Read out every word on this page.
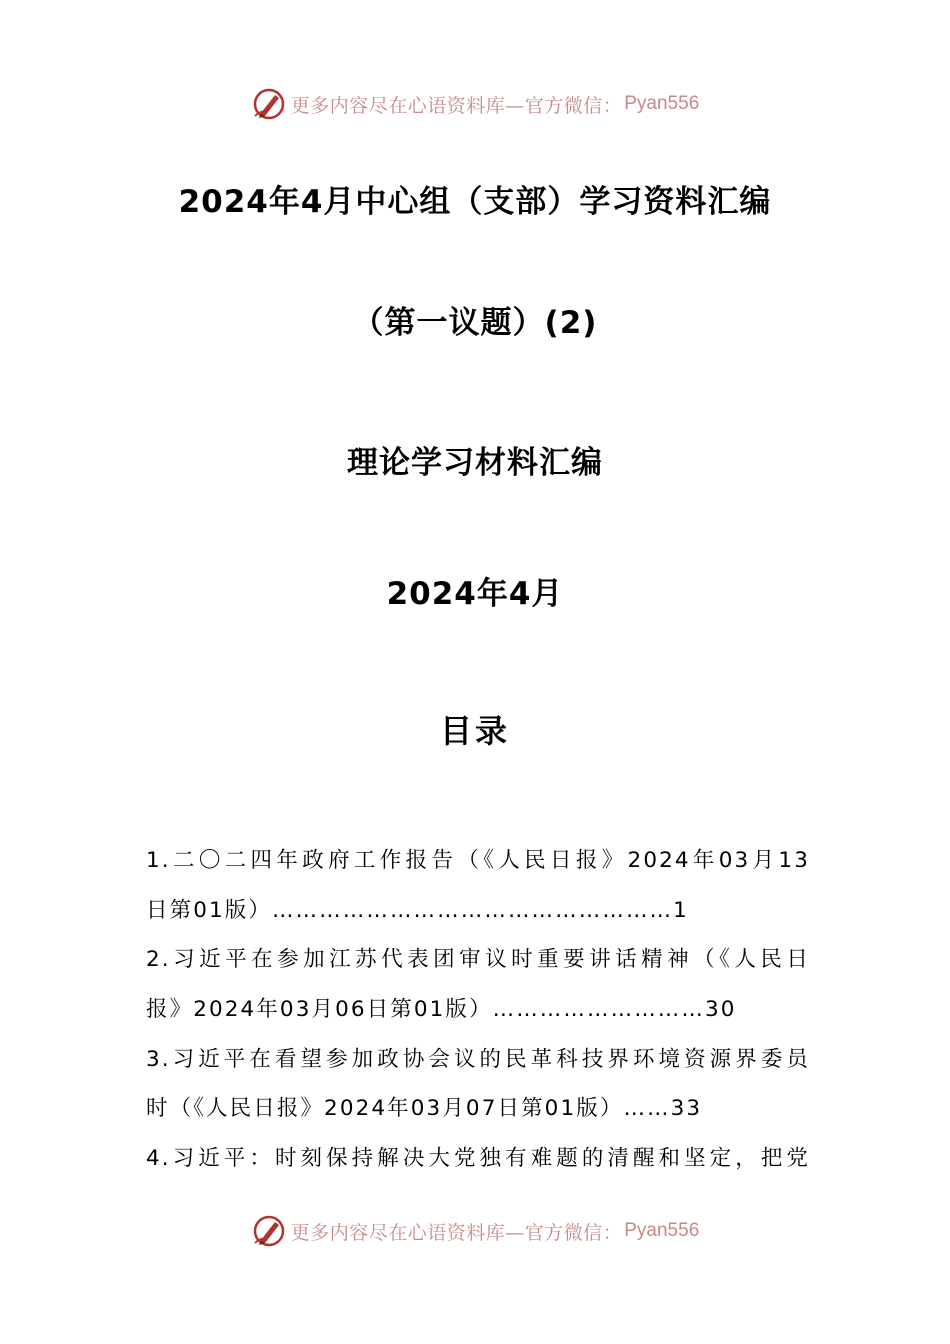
更多内容尽在心语资料库—官方微信： Pyan556
2024年4月中心组（支部）学习资料汇编
（第一议题）(2)
理论学习材料汇编
2024年4月
目录
1.二〇二四年政府工作报告（《人民日报》2024年03月13
日第01版）……………………………………………1
2.习近平在参加江苏代表团审议时重要讲话精神（《人民日
报》2024年03月06日第01版）………………………30
3.习近平在看望参加政协会议的民革科技界环境资源界委员
时（《人民日报》2024年03月07日第01版）……33
4.习近平：时刻保持解决大党独有难题的清醒和坚定，把党
更多内容尽在心语资料库—官方微信： Pyan556
